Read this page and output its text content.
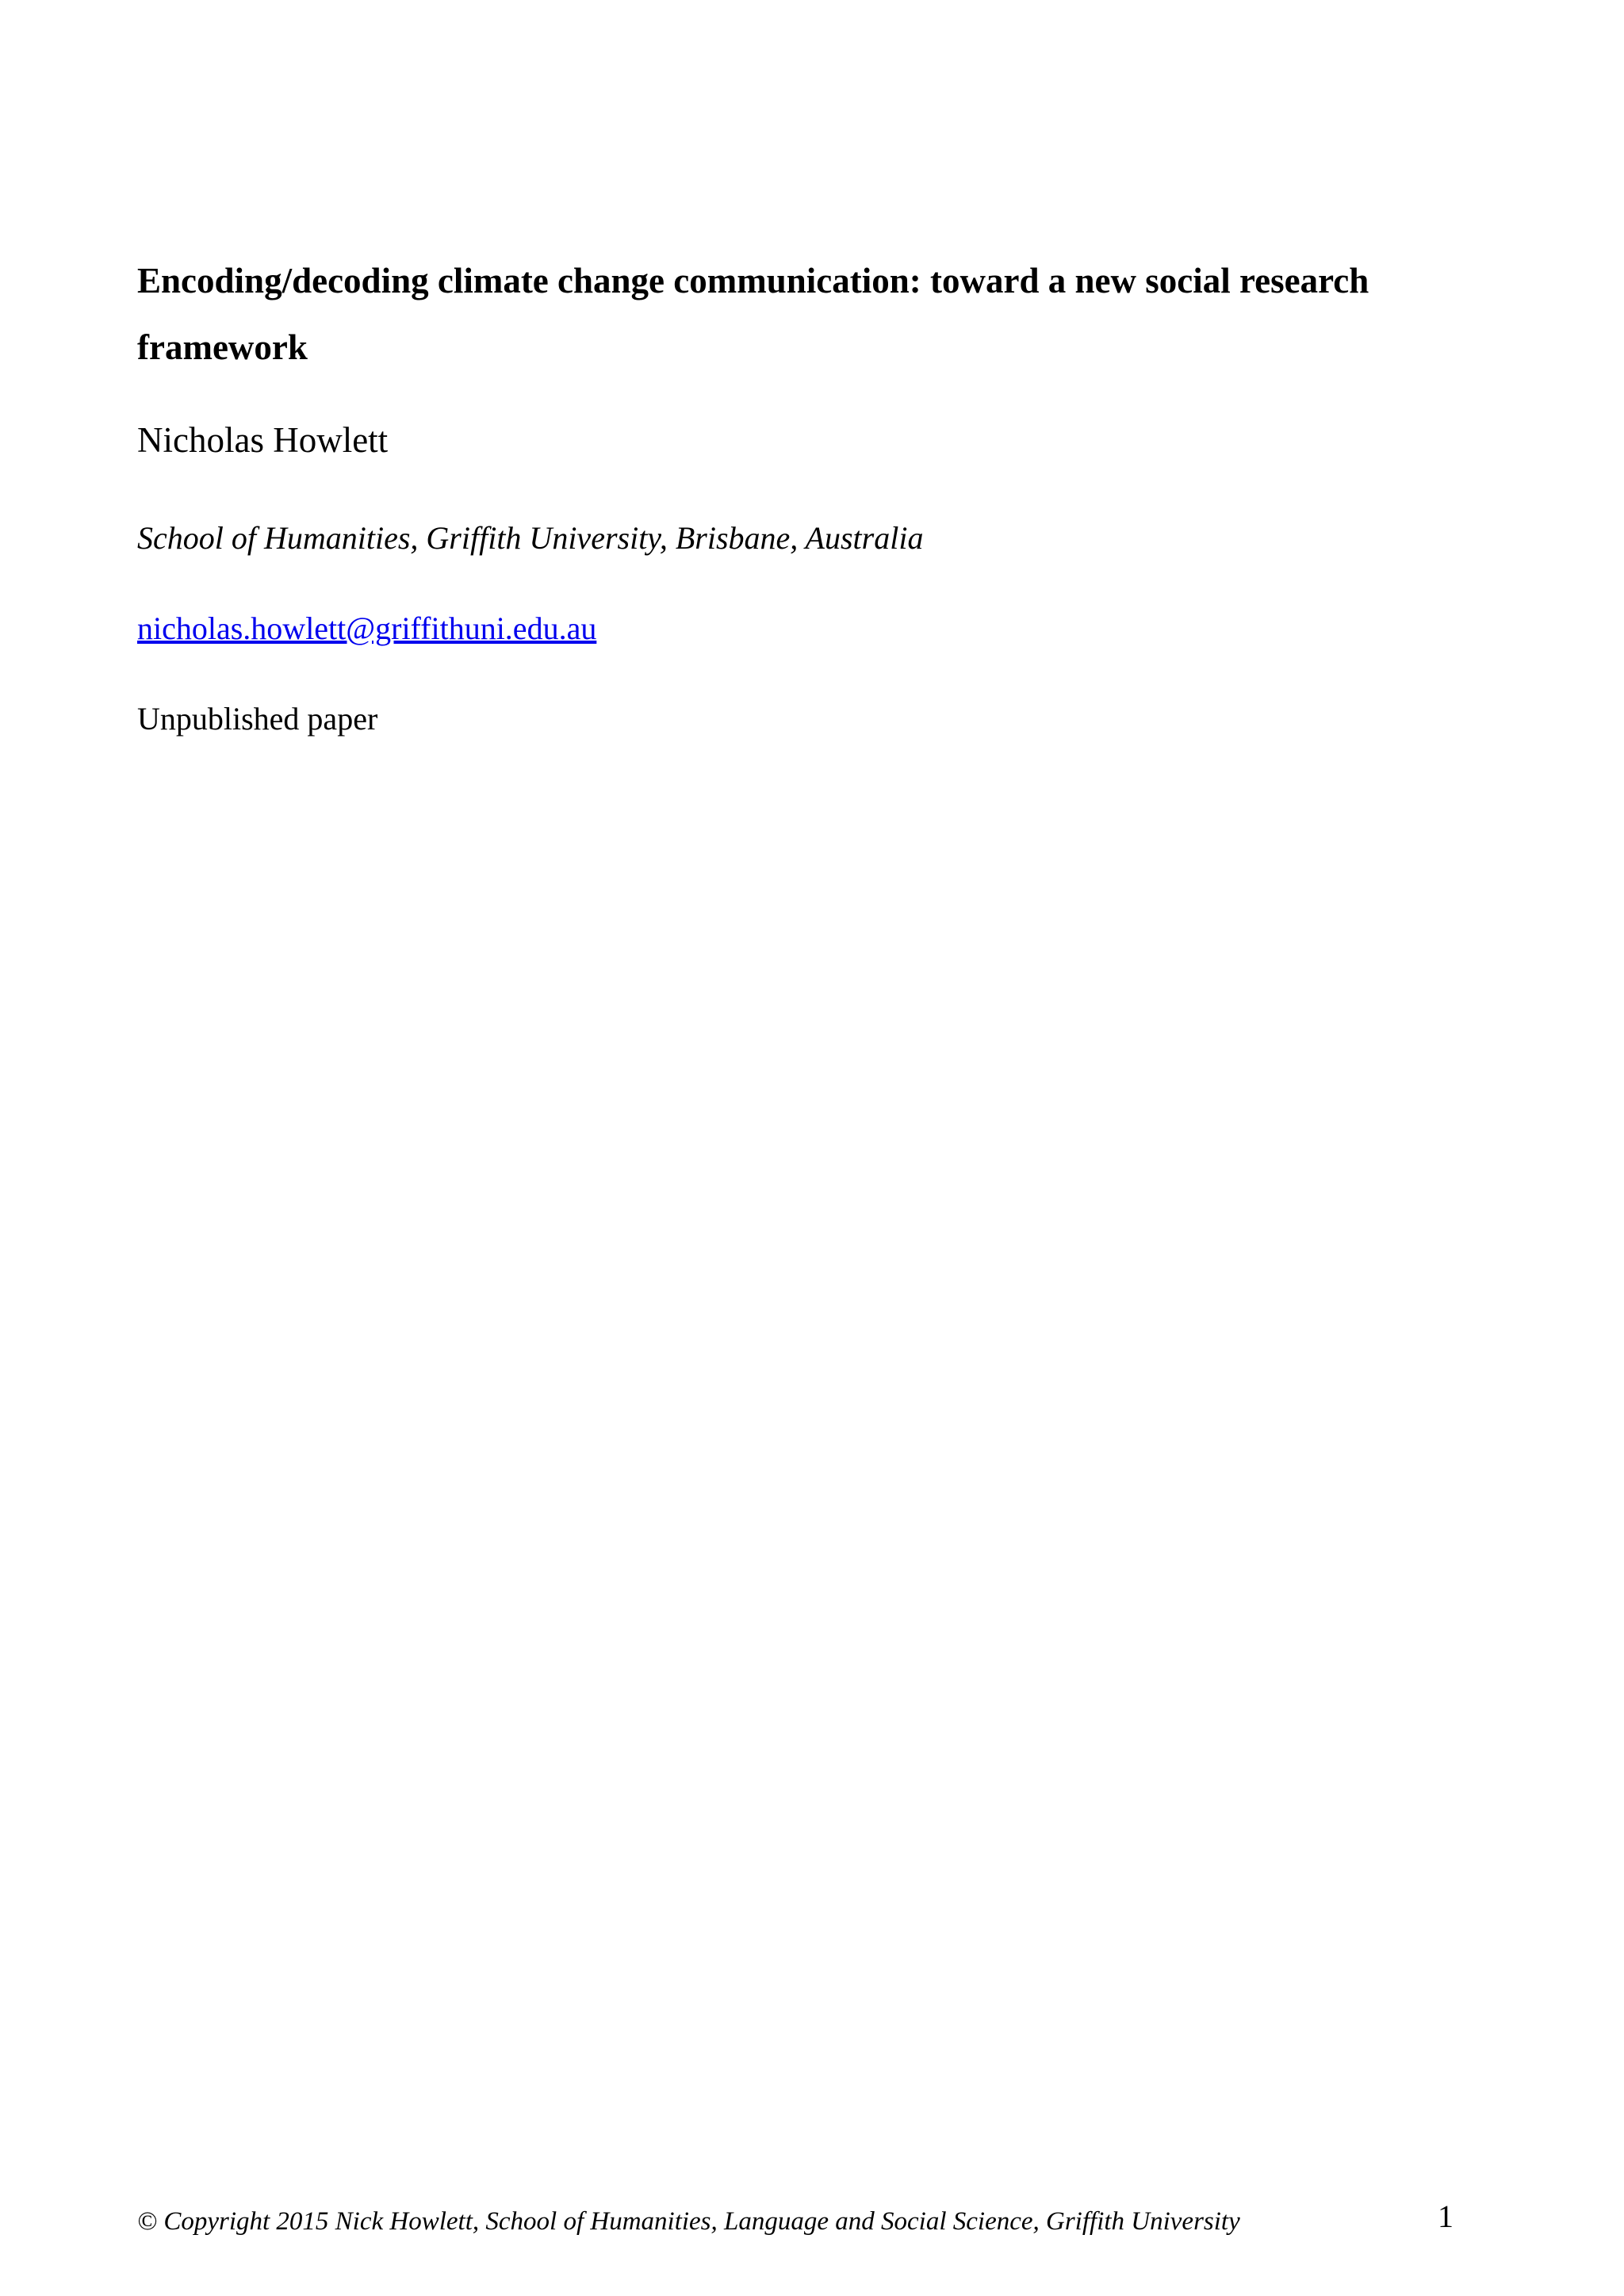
Encoding/decoding climate change communication: toward a new social research framework

Nicholas Howlett

School of Humanities, Griffith University, Brisbane, Australia

nicholas.howlett@griffithuni.edu.au

Unpublished paper

© Copyright 2015 Nick Howlett, School of Humanities, Language and Social Science, Griffith University	1
